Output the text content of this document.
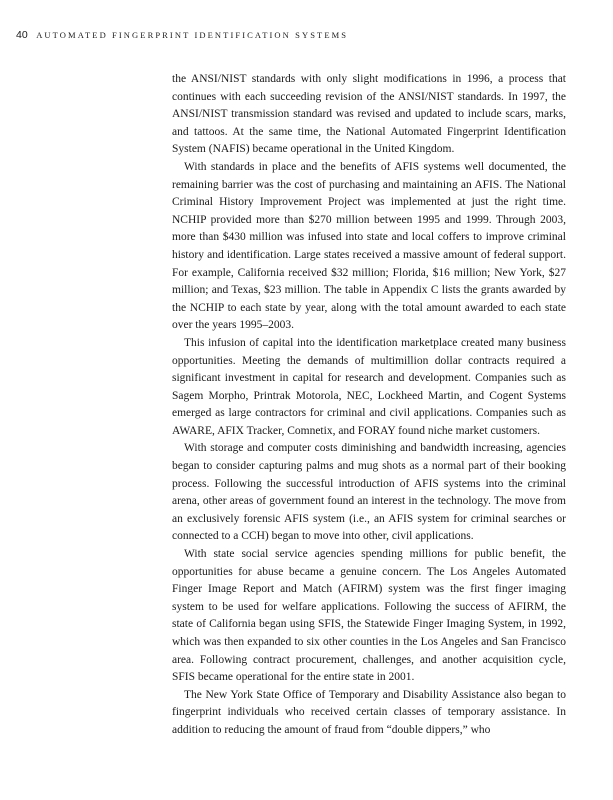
40 AUTOMATED FINGERPRINT IDENTIFICATION SYSTEMS

the ANSI/NIST standards with only slight modifications in 1996, a process that continues with each succeeding revision of the ANSI/NIST standards. In 1997, the ANSI/NIST transmission standard was revised and updated to include scars, marks, and tattoos. At the same time, the National Automated Fingerprint Identification System (NAFIS) became operational in the United Kingdom.

With standards in place and the benefits of AFIS systems well documented, the remaining barrier was the cost of purchasing and maintaining an AFIS. The National Criminal History Improvement Project was implemented at just the right time. NCHIP provided more than $270 million between 1995 and 1999. Through 2003, more than $430 million was infused into state and local coffers to improve criminal history and identification. Large states received a massive amount of federal support. For example, California received $32 million; Florida, $16 million; New York, $27 million; and Texas, $23 million. The table in Appendix C lists the grants awarded by the NCHIP to each state by year, along with the total amount awarded to each state over the years 1995–2003.

This infusion of capital into the identification marketplace created many business opportunities. Meeting the demands of multimillion dollar contracts required a significant investment in capital for research and development. Companies such as Sagem Morpho, Printrak Motorola, NEC, Lockheed Martin, and Cogent Systems emerged as large contractors for criminal and civil applications. Companies such as AWARE, AFIX Tracker, Comnetix, and FORAY found niche market customers.

With storage and computer costs diminishing and bandwidth increasing, agencies began to consider capturing palms and mug shots as a normal part of their booking process. Following the successful introduction of AFIS systems into the criminal arena, other areas of government found an interest in the technology. The move from an exclusively forensic AFIS system (i.e., an AFIS system for criminal searches or connected to a CCH) began to move into other, civil applications.

With state social service agencies spending millions for public benefit, the opportunities for abuse became a genuine concern. The Los Angeles Automated Finger Image Report and Match (AFIRM) system was the first finger imaging system to be used for welfare applications. Following the success of AFIRM, the state of California began using SFIS, the Statewide Finger Imaging System, in 1992, which was then expanded to six other counties in the Los Angeles and San Francisco area. Following contract procurement, challenges, and another acquisition cycle, SFIS became operational for the entire state in 2001.

The New York State Office of Temporary and Disability Assistance also began to fingerprint individuals who received certain classes of temporary assistance. In addition to reducing the amount of fraud from “double dippers,” who
